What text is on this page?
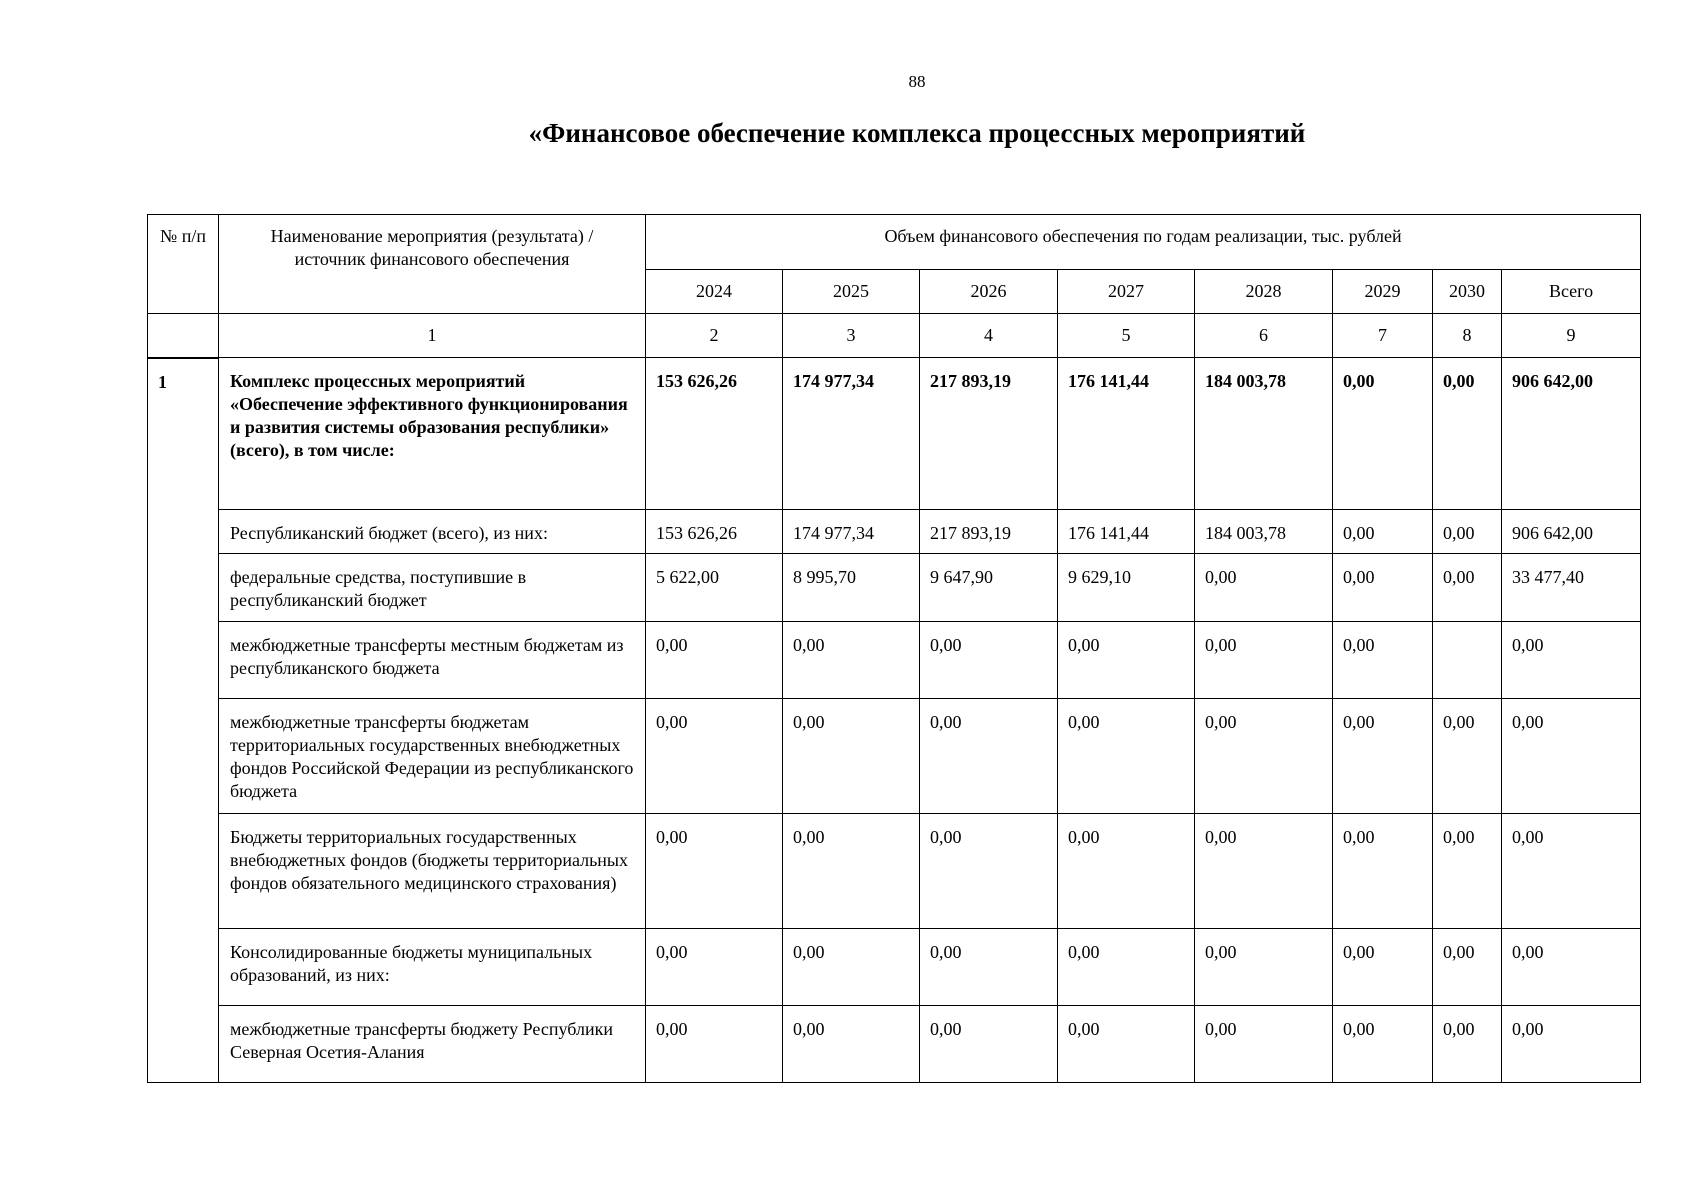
88
«Финансовое обеспечение комплекса процессных мероприятий
№ п/п	Наименование мероприятия (результата) / источник финансового обеспечения	Объем финансового обеспечения по годам реализации, тыс. рублей							
		2024	2025	2026	2027	2028	2029	2030	Всего
	1	2	3	4	5	6	7	8	9
1	Комплекс процессных мероприятий «Обеспечение эффективного функционирования и развития системы образования республики» (всего), в том числе:	153 626,26	174 977,34	217 893,19	176 141,44	184 003,78	0,00	0,00	906 642,00
	Республиканский бюджет (всего), из них:	153 626,26	174 977,34	217 893,19	176 141,44	184 003,78	0,00	0,00	906 642,00
	федеральные средства, поступившие в республиканский бюджет	5 622,00	8 995,70	9 647,90	9 629,10	0,00	0,00	0,00	33 477,40
	межбюджетные трансферты местным бюджетам из республиканского бюджета	0,00	0,00	0,00	0,00	0,00	0,00		0,00
	межбюджетные трансферты бюджетам территориальных государственных внебюджетных фондов Российской Федерации из республиканского бюджета	0,00	0,00	0,00	0,00	0,00	0,00	0,00	0,00
	Бюджеты территориальных государственных внебюджетных фондов (бюджеты территориальных фондов обязательного медицинского страхования)	0,00	0,00	0,00	0,00	0,00	0,00	0,00	0,00
	Консолидированные бюджеты муниципальных образований, из них:	0,00	0,00	0,00	0,00	0,00	0,00	0,00	0,00
	межбюджетные трансферты бюджету Республики Северная Осетия-Алания	0,00	0,00	0,00	0,00	0,00	0,00	0,00	0,00
